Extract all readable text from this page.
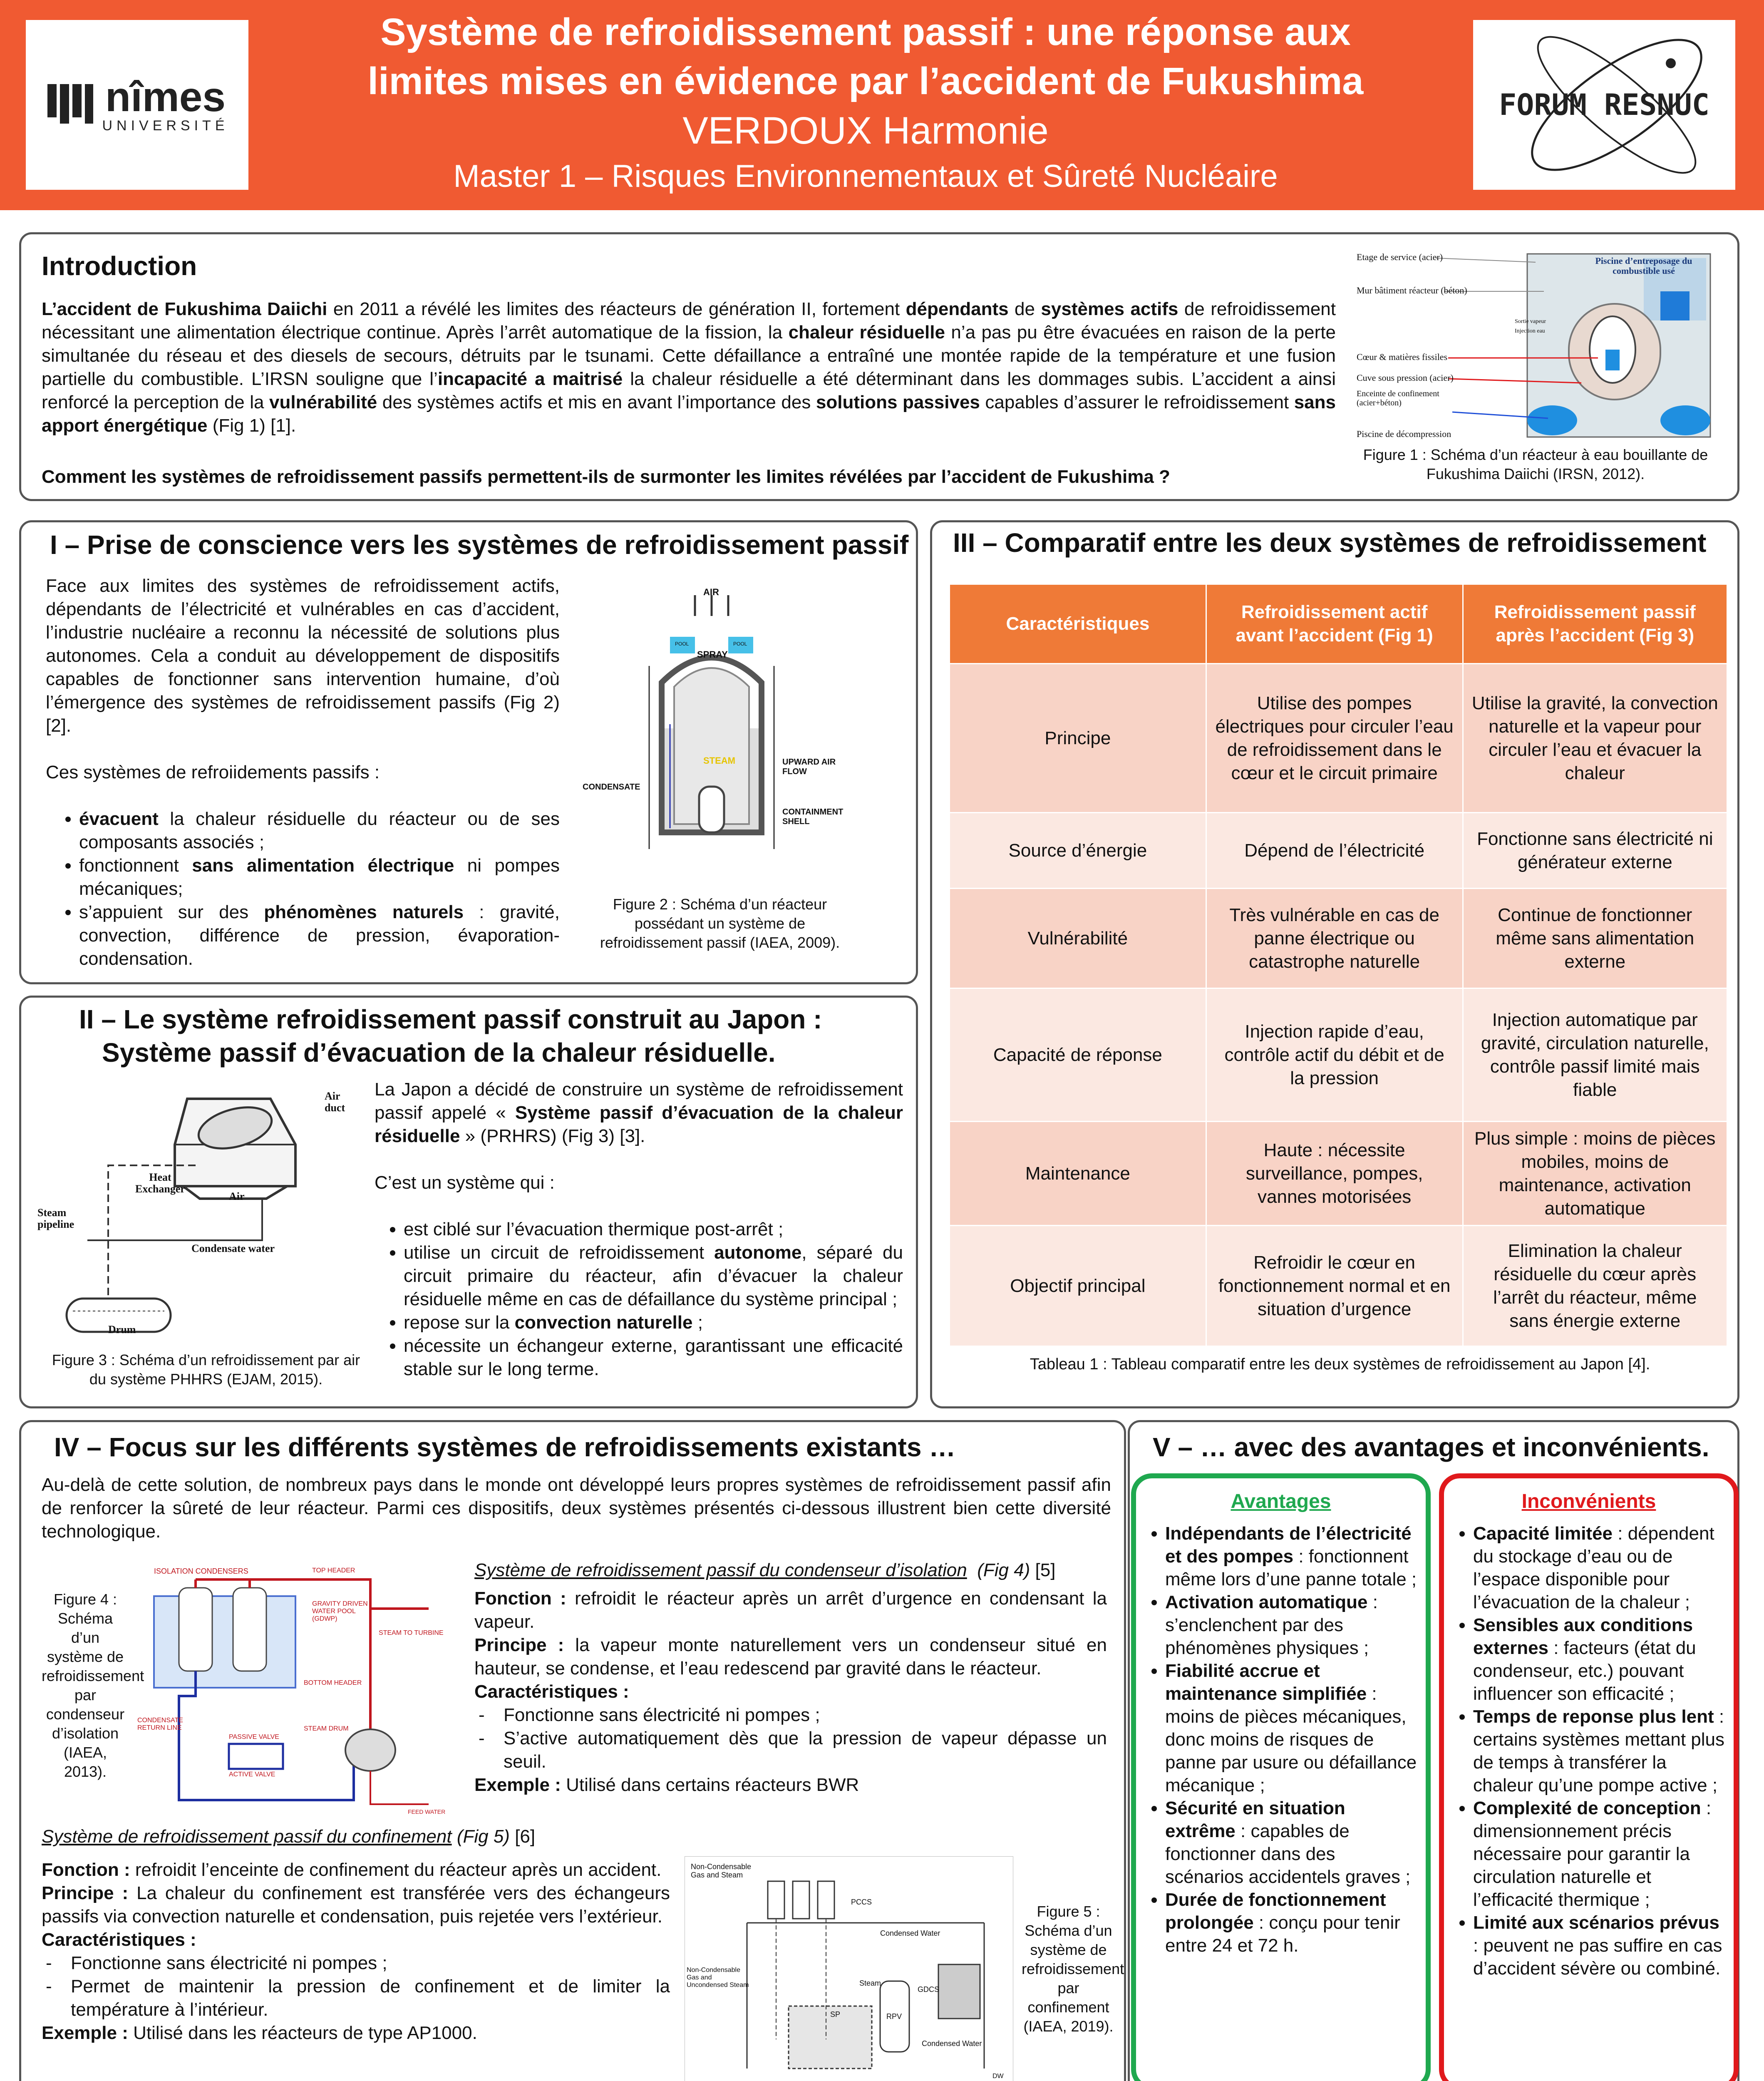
nîmes
UNIVERSITÉ
Système de refroidissement passif : une réponse aux
limites mises en évidence par l’accident de Fukushima
VERDOUX Harmonie
Master 1 – Risques Environnementaux et Sûreté Nucléaire
FORUM RESNUC
Introduction
L’accident de Fukushima Daiichi en 2011 a révélé les limites des réacteurs de génération II, fortement dépendants de systèmes actifs de refroidissement nécessitant une alimentation électrique continue. Après l’arrêt automatique de la fission, la chaleur résiduelle n’a pas pu être évacuées en raison de la perte simultanée du réseau et des diesels de secours, détruits par le tsunami. Cette défaillance a entraîné une montée rapide de la température et une fusion partielle du combustible. L’IRSN souligne que l’incapacité a maitrisé la chaleur résiduelle a été déterminant dans les dommages subis. L’accident a ainsi renforcé la perception de la vulnérabilité des systèmes actifs et mis en avant l’importance des solutions passives capables d’assurer le refroidissement sans apport énergétique (Fig 1) [1].
Comment les systèmes de refroidissement passifs permettent-ils de surmonter les limites révélées par l’accident de Fukushima ?
Etage de service (acier)
Mur bâtiment réacteur (béton)
Sortie vapeur
Injection eau
Cœur & matières fissiles
Cuve sous pression (acier)
Enceinte de confinement (acier+béton)
Piscine de décompression
Piscine d’entreposage du combustible usé
Figure 1 : Schéma d’un réacteur à eau bouillante de Fukushima Daiichi (IRSN, 2012).
I – Prise de conscience vers les systèmes de refroidissement passif
Face aux limites des systèmes de refroidissement actifs, dépendants de l’électricité et vulnérables en cas d’accident, l’industrie nucléaire a reconnu la nécessité de solutions plus autonomes. Cela a conduit au développement de dispositifs capables de fonctionner sans intervention humaine, d’où l’émergence des systèmes de refroidissement passifs (Fig 2) [2].
Ces systèmes de refroiidements passifs :
• évacuent la chaleur résiduelle du réacteur ou de ses composants associés ;
• fonctionnent sans alimentation électrique ni pompes mécaniques;
• s’appuient sur des phénomènes naturels : gravité, convection, différence de pression, évaporation-condensation.
AIR
SPRAY
STEAM
CONDENSATE
UPWARD AIR FLOW
CONTAINMENT SHELL
POOL	POOL
Figure 2 : Schéma d’un réacteur possédant un système de refroidissement passif (IAEA, 2009).
II – Le système refroidissement passif construit au Japon :
Système passif d’évacuation de la chaleur résiduelle.
La Japon a décidé de construire un système de refroidissement passif appelé « Système passif d’évacuation de la chaleur résiduelle » (PRHRS) (Fig 3) [3].
C’est un système qui :
• est ciblé sur l’évacuation thermique post-arrêt ;
• utilise un circuit de refroidissement autonome, séparé du circuit primaire du réacteur, afin d’évacuer la chaleur résiduelle même en cas de défaillance du système principal ;
• repose sur la convection naturelle ;
• nécessite un échangeur externe, garantissant une efficacité stable sur le long terme.
Air duct
Heat Exchanger
Air
Steam pipeline
Condensate water
Drum
Figure 3 : Schéma d’un refroidissement par air du système PHHRS (EJAM, 2015).
III – Comparatif entre les deux systèmes de refroidissement
Caractéristiques	Refroidissement actif avant l’accident (Fig 1)	Refroidissement passif après l’accident (Fig 3)
Principe	Utilise des pompes électriques pour circuler l’eau de refroidissement dans le cœur et le circuit primaire	Utilise la gravité, la convection naturelle et la vapeur pour circuler l’eau et évacuer la chaleur
Source d’énergie	Dépend de l’électricité	Fonctionne sans électricité ni générateur externe
Vulnérabilité	Très vulnérable en cas de panne électrique ou catastrophe naturelle	Continue de fonctionner même sans alimentation externe
Capacité de réponse	Injection rapide d’eau, contrôle actif du débit et de la pression	Injection automatique par gravité, circulation naturelle, contrôle passif limité mais fiable
Maintenance	Haute : nécessite surveillance, pompes, vannes motorisées	Plus simple : moins de pièces mobiles, moins de maintenance, activation automatique
Objectif principal	Refroidir le cœur en fonctionnement normal et en situation d’urgence	Elimination la chaleur résiduelle du cœur après l’arrêt du réacteur, même sans énergie externe
Tableau 1 : Tableau comparatif entre les deux systèmes de refroidissement au Japon [4].
IV – Focus sur les différents systèmes de refroidissements existants …
Au-delà de cette solution, de nombreux pays dans le monde ont développé leurs propres systèmes de refroidissement passif afin de renforcer la sûreté de leur réacteur. Parmi ces dispositifs, deux systèmes présentés ci-dessous illustrent bien cette diversité technologique.
Figure 4 : Schéma d’un système de refroidissement par condenseur d’isolation (IAEA, 2013).
ISOLATION CONDENSERS	TOP HEADER
GRAVITY DRIVEN WATER POOL (GDWP)
STEAM TO TURBINE
BOTTOM HEADER
CONDENSATE RETURN LINE	STEAM DRUM
PASSIVE VALVE
ACTIVE VALVE
FEED WATER
Système de refroidissement passif du condenseur d’isolation (Fig 4) [5]
Fonction : refroidit le réacteur après un arrêt d’urgence en condensant la vapeur.
Principe : la vapeur monte naturellement vers un condenseur situé en hauteur, se condense, et l’eau redescend par gravité dans le réacteur.
Caractéristiques :
- Fonctionne sans électricité ni pompes ;
- S’active automatiquement dès que la pression de vapeur dépasse un seuil.
Exemple : Utilisé dans certains réacteurs BWR
Système de refroidissement passif du confinement (Fig 5) [6]
Fonction : refroidit l’enceinte de confinement du réacteur après un accident.
Principe : La chaleur du confinement est transférée vers des échangeurs passifs via convection naturelle et condensation, puis rejetée vers l’extérieur.
Caractéristiques :
- Fonctionne sans électricité ni pompes ;
- Permet de maintenir la pression de confinement et de limiter la température à l’intérieur.
Exemple : Utilisé dans les réacteurs de type AP1000.
Non-Condensable Gas and Steam
PCCS
Condensed Water
GDCS
Non-Condensable Gas and Uncondensed Steam	Steam
RPV
SP
Condensed Water
DW
Figure 5 : Schéma d’un système de refroidissement par confinement (IAEA, 2019).
V – … avec des avantages et inconvénients.
Avantages
• Indépendants de l’électricité et des pompes : fonctionnent même lors d’une panne totale ;
• Activation automatique : s’enclenchent par des phénomènes physiques ;
• Fiabilité accrue et maintenance simplifiée : moins de pièces mécaniques, donc moins de risques de panne par usure ou défaillance mécanique ;
• Sécurité en situation extrême : capables de fonctionner dans des scénarios accidentels graves ;
• Durée de fonctionnement prolongée : conçu pour tenir entre 24 et 72 h.
Inconvénients
• Capacité limitée : dépendent du stockage d’eau ou de l’espace disponible pour l’évacuation de la chaleur ;
• Sensibles aux conditions externes : facteurs (état du condenseur, etc.) pouvant influencer son efficacité ;
• Temps de reponse plus lent : certains systèmes mettant plus de temps à transférer la chaleur qu’une pompe active ;
• Complexité de conception : dimensionnement précis nécessaire pour garantir la circulation naturelle et l’efficacité thermique ;
• Limité aux scénarios prévus : peuvent ne pas suffire en cas d’accident sévère ou combiné.
